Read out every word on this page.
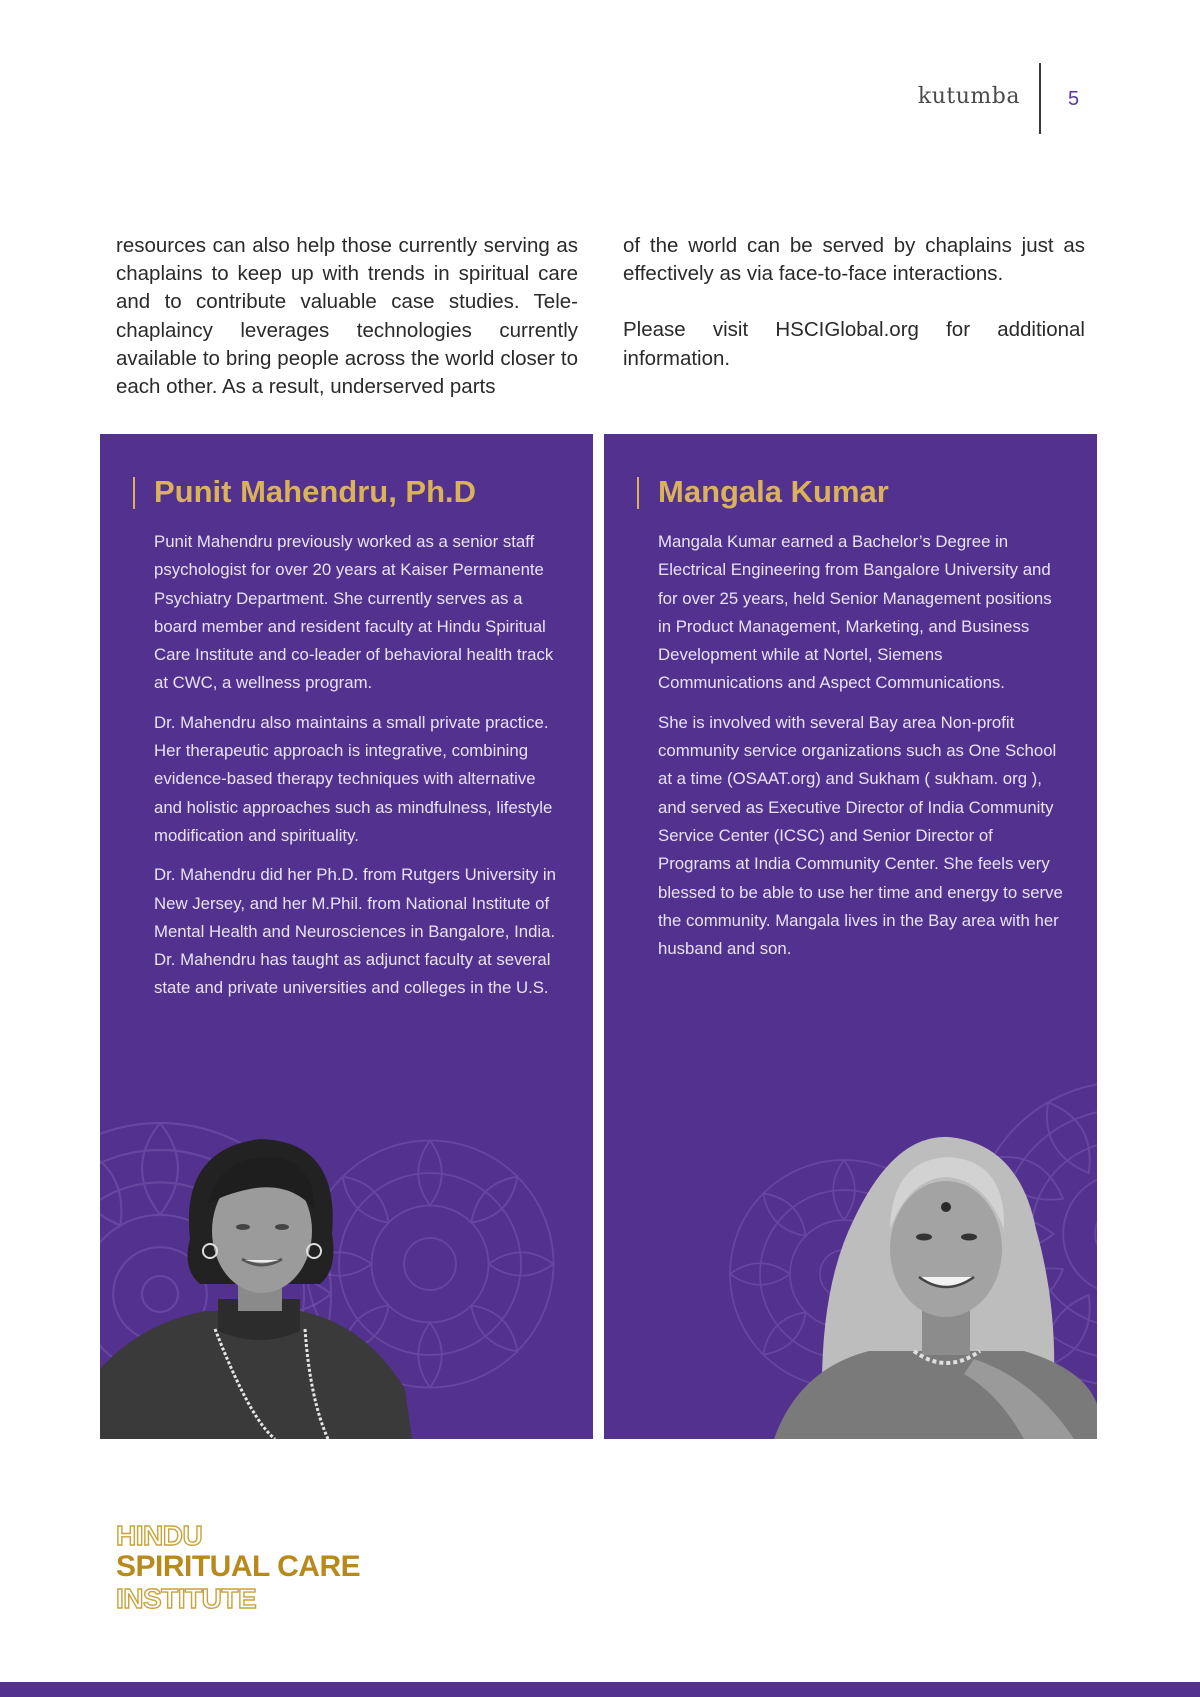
kutumba 5

resources can also help those currently serving as chaplains to keep up with trends in spiritual care and to contribute valuable case studies. Tele-chaplaincy leverages technologies currently available to bring people across the world closer to each other. As a result, underserved parts

of the world can be served by chaplains just as effectively as via face-to-face interactions.

Please visit HSCIGlobal.org for additional information.

Punit Mahendru, Ph.D

Punit Mahendru previously worked as a senior staff psychologist for over 20 years at Kaiser Permanente Psychiatry Department. She currently serves as a board member and resident faculty at Hindu Spiritual Care Institute and co-leader of behavioral health track at CWC, a wellness program.

Dr. Mahendru also maintains a small private practice. Her therapeutic approach is integrative, combining evidence-based therapy techniques with alternative and holistic approaches such as mindfulness, lifestyle modification and spirituality.

Dr. Mahendru did her Ph.D. from Rutgers University in New Jersey, and her M.Phil. from National Institute of Mental Health and Neurosciences in Bangalore, India. Dr. Mahendru has taught as adjunct faculty at several state and private universities and colleges in the U.S.

Mangala Kumar

Mangala Kumar earned a Bachelor’s Degree in Electrical Engineering from Bangalore University and for over 25 years, held Senior Management positions in Product Management, Marketing, and Business Development while at Nortel, Siemens Communications and Aspect Communications.

She is involved with several Bay area Non-profit community service organizations such as One School at a time (OSAAT.org) and Sukham ( sukham. org ), and served as Executive Director of India Community Service Center (ICSC) and Senior Director of Programs at India Community Center. She feels very blessed to be able to use her time and energy to serve the community. Mangala lives in the Bay area with her husband and son.

HINDU
SPIRITUAL CARE
INSTITUTE
